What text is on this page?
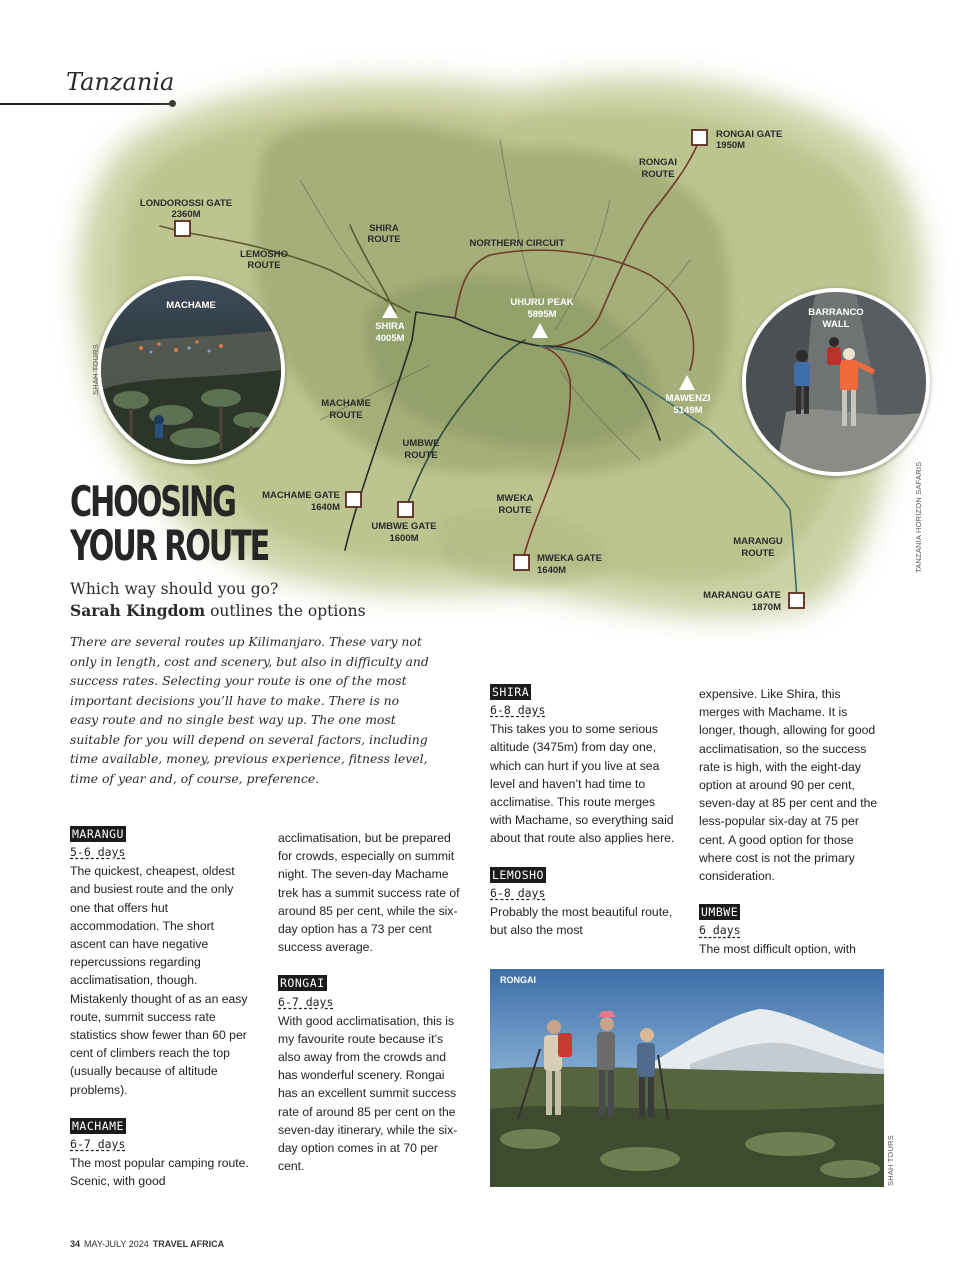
Tanzania
LONDOROSSI GATE
2360M
RONGAI GATE
1950M
MACHAME GATE
1640M
UMBWE GATE
1600M
MWEKA GATE
1640M
MARANGU GATE
1870M
LEMOSHO
ROUTE
SHIRA
ROUTE
RONGAI
ROUTE
NORTHERN CIRCUIT
MACHAME
ROUTE
UMBWE
ROUTE
MWEKA
ROUTE
MARANGU
ROUTE
SHIRA
4005M
UHURU PEAK
5895M
MAWENZI
5149M
MACHAME
SHAH TOURS
BARRANCO
WALL
TANZANIA HORIZON SAFARIS
CHOOSING
YOUR ROUTE
Which way should you go?
Sarah Kingdom outlines the options
There are several routes up Kilimanjaro. These vary not only in length, cost and scenery, but also in difficulty and success rates. Selecting your route is one of the most important decisions you’ll have to make. There is no easy route and no single best way up. The one most suitable for you will depend on several factors, including time available, money, previous experience, fitness level, time of year and, of course, preference.
MARANGU
5-6 days
The quickest, cheapest, oldest and busiest route and the only one that offers hut accommodation. The short ascent can have negative repercussions regarding acclimatisation, though. Mistakenly thought of as an easy route, summit success rate statistics show fewer than 60 per cent of climbers reach the top (usually because of altitude problems).
MACHAME
6-7 days
The most popular camping route. Scenic, with good
acclimatisation, but be prepared for crowds, especially on summit night. The seven-day Machame trek has a summit success rate of around 85 per cent, while the six-day option has a 73 per cent success average.
RONGAI
6-7 days
With good acclimatisation, this is my favourite route because it’s also away from the crowds and has wonderful scenery. Rongai has an excellent summit success rate of around 85 per cent on the seven-day itinerary, while the six-day option comes in at 70 per cent.
SHIRA
6-8 days
This takes you to some serious altitude (3475m) from day one, which can hurt if you live at sea level and haven’t had time to acclimatise. This route merges with Machame, so everything said about that route also applies here.
LEMOSHO
6-8 days
Probably the most beautiful route, but also the most
expensive. Like Shira, this merges with Machame. It is longer, though, allowing for good acclimatisation, so the success rate is high, with the eight-day option at around 90 per cent, seven-day at 85 per cent and the less-popular six-day at 75 per cent. A good option for those where cost is not the primary consideration.
UMBWE
6 days
The most difficult option, with
RONGAI
SHAH TOURS
34 MAY-JULY 2024 TRAVEL AFRICA
